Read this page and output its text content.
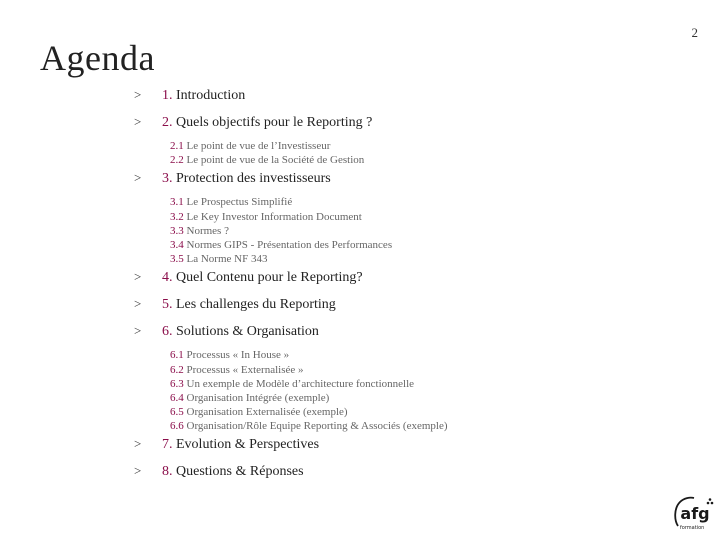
2
Agenda
>	1. Introduction
>	2. Quels objectifs pour le Reporting ?
2.1 Le point de vue de l’Investisseur
2.2 Le point de vue de la Société de Gestion
>	3. Protection des investisseurs
3.1 Le Prospectus Simplifié
3.2 Le Key Investor Information Document
3.3 Normes ?
3.4 Normes GIPS - Présentation des Performances
3.5 La Norme NF 343
>	4. Quel Contenu pour le Reporting?
>	5. Les challenges du Reporting
>	6. Solutions & Organisation
6.1 Processus « In House »
6.2 Processus « Externalisée »
6.3 Un exemple de Modèle d’architecture fonctionnelle
6.4 Organisation Intégrée (exemple)
6.5 Organisation Externalisée (exemple)
6.6 Organisation/Rôle Equipe Reporting & Associés (exemple)
>	7. Evolution & Perspectives
>	8. Questions & Réponses
afg
formation
